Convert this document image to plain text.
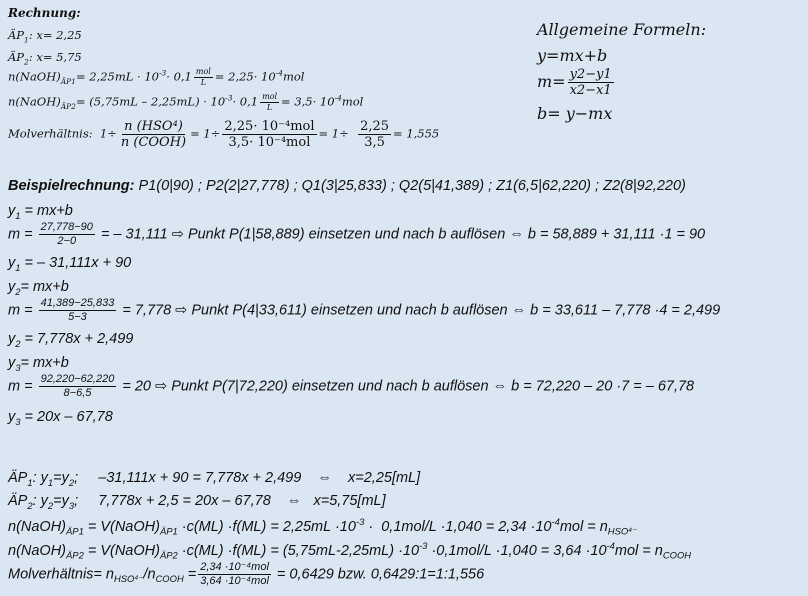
Rechnung:
$ÄP_1$: x= 2,25
$ÄP_2$: x= 5,75
$n(NaOH)_{ÄP1}= 2,25mL \cdot 10^{-3}\cdot 0,1 \frac{\text{mol}}{L} = 2,25\cdot 10^{-4}mol$
$n(NaOH)_{ÄP2}= (5,75mL - 2,25mL) \cdot 10^{-3}\cdot 0,1 \frac{\text{mol}}{L} = 3,5\cdot 10^{-4}mol$
Molverhältnis: $1\div \frac{\text{n (HSO⁴)}}{\text{n (COOH)}} = 1\div \frac{\text{2,25· 10⁻⁴mol}}{\text{3,5· 10⁻⁴mol}} = 1\div \frac{2,25}{3,5} = 1,555$
Allgemeine Formeln:
y=mx+b
$m= \frac{y2-y1}{x2-x1}$
b= y−mx
Beispielrechnung: P1(0|90) ; P2(2|27,778) ; Q1(3|25,833) ; Q2(5|41,389) ; Z1(6,5|62,220) ; Z2(8|92,220)
$y_1 = mx+b$
$m = \frac{27,778-90}{2-0}$ = – 31,111 ⇨ Punkt P(1|58,889) einsetzen und nach b auflösen ⇔ b = 58,889 + 31,111 ·1 = 90
$y_1$ = – 31,111x + 90
$y_2= mx+b$
$m = \frac{41,389-25,833}{5-3} = 7,778$ ⇨ Punkt P(4|33,611) einsetzen und nach b auflösen ⇔ b = 33,611 – 7,778 ·4 = 2,499
$y_2 = 7,778x + 2,499$
$y_3= mx+b$
$m = \frac{92,220-62,220}{8-6,5} = 20$ ⇨ Punkt P(7|72,220) einsetzen und nach b auflösen ⇔ b = 72,220 – 20 ·7 = – 67,78
$y_3 = 20x - 67,78$
$ÄP_1$: $y_1=y_2$;     –31,111x + 90 = 7,778x + 2,499    ⇔    x=2,25[mL]
$ÄP_2$: $y_2=y_3$;     7,778x + 2,5 = 20x – 67,78    ⇔   x=5,75[mL]
$n(NaOH)_{ÄP1}$ = $V(NaOH)_{ÄP1} \cdot c(ML) \cdot f(ML) = 2,25mL \cdot 10^{-3} \cdot 0,1mol/L \cdot 1,040 = 2,34 \cdot 10^{-4}mol = n_{HSO^{4-}}$
$n(NaOH)_{ÄP2}$ = $V(NaOH)_{ÄP2} \cdot c(ML) \cdot f(ML) = (5,75mL-2,25mL) \cdot 10^{-3} \cdot 0,1mol/L \cdot 1,040 = 3,64 \cdot 10^{-4}mol = n_{COOH}$
Molverhältnis= $n_{HSO^{4-}}/n_{COOH} = \frac{\text{2,34 ·10⁻⁴mol}}{\text{3,64 ·10⁻⁴mol}} = 0,6429$ bzw. 0,6429:1=1:1,556
